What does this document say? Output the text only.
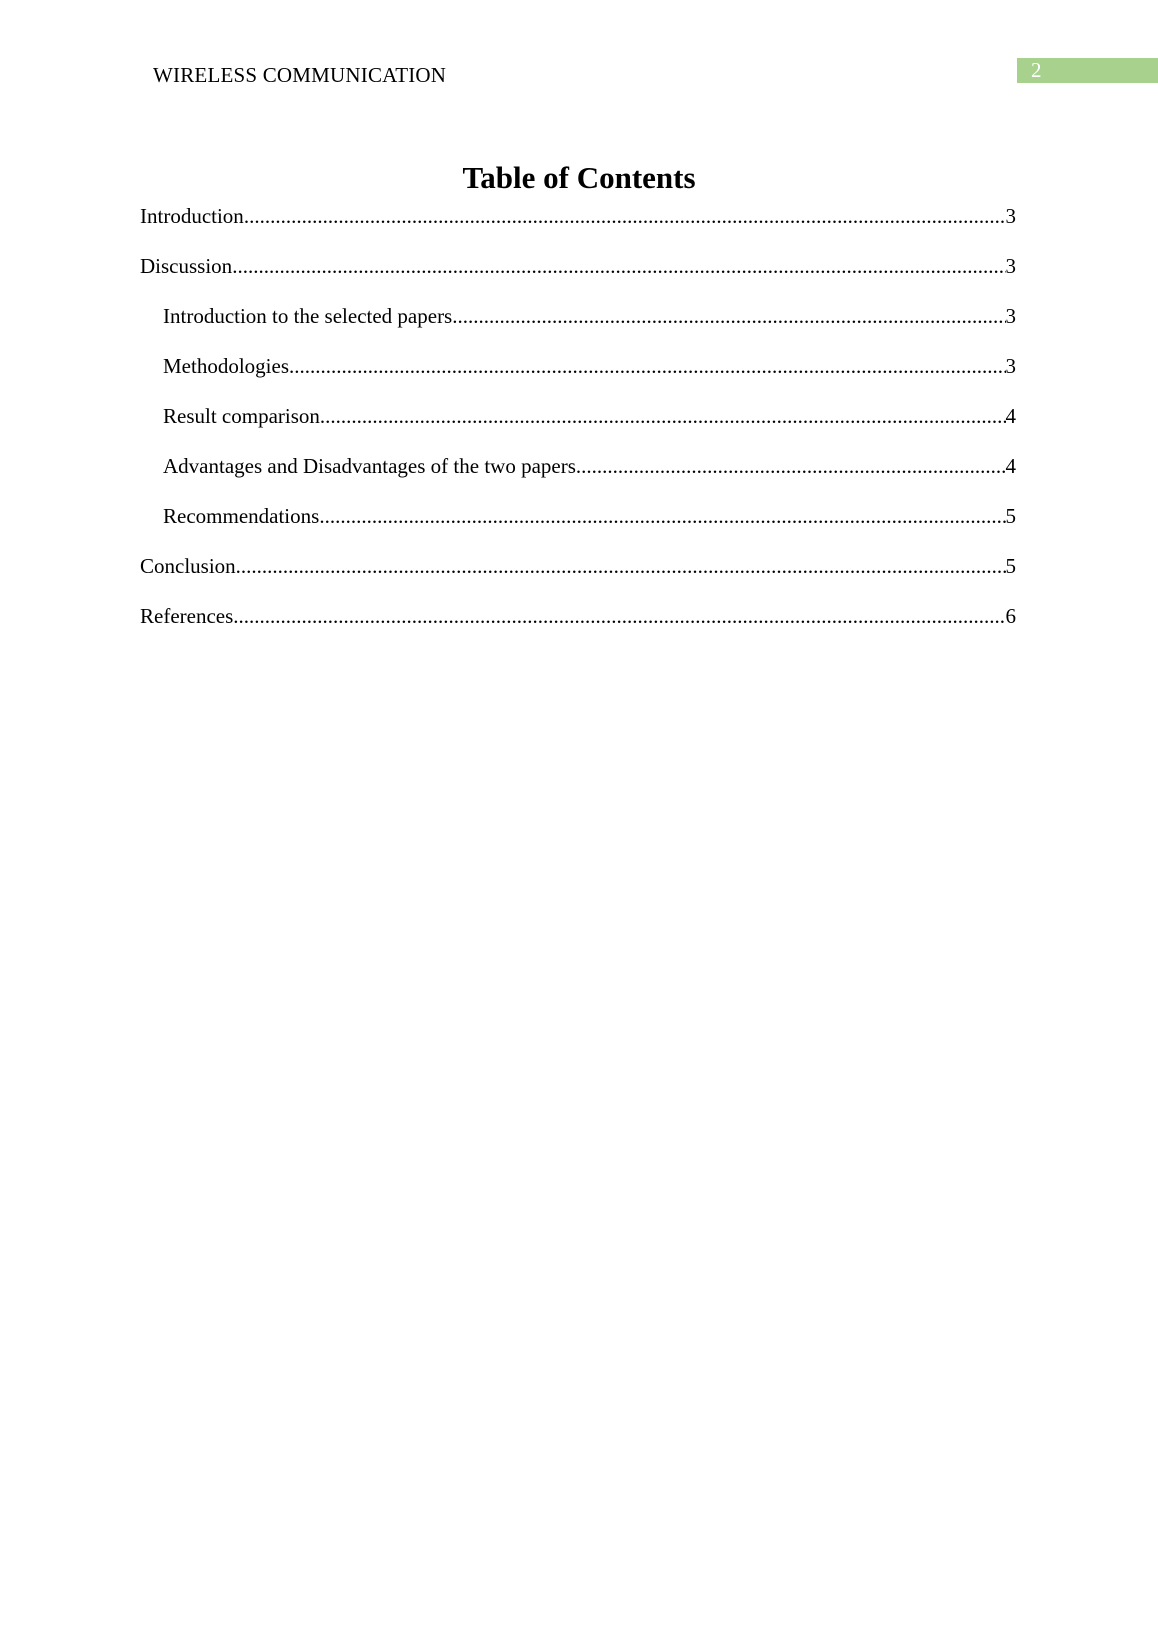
WIRELESS COMMUNICATION	2
Table of Contents
Introduction .....	3
Discussion .....	3
Introduction to the selected papers .....	3
Methodologies .....	3
Result comparison .....	4
Advantages and Disadvantages of the two papers .....	4
Recommendations .....	5
Conclusion .....	5
References .....	6
